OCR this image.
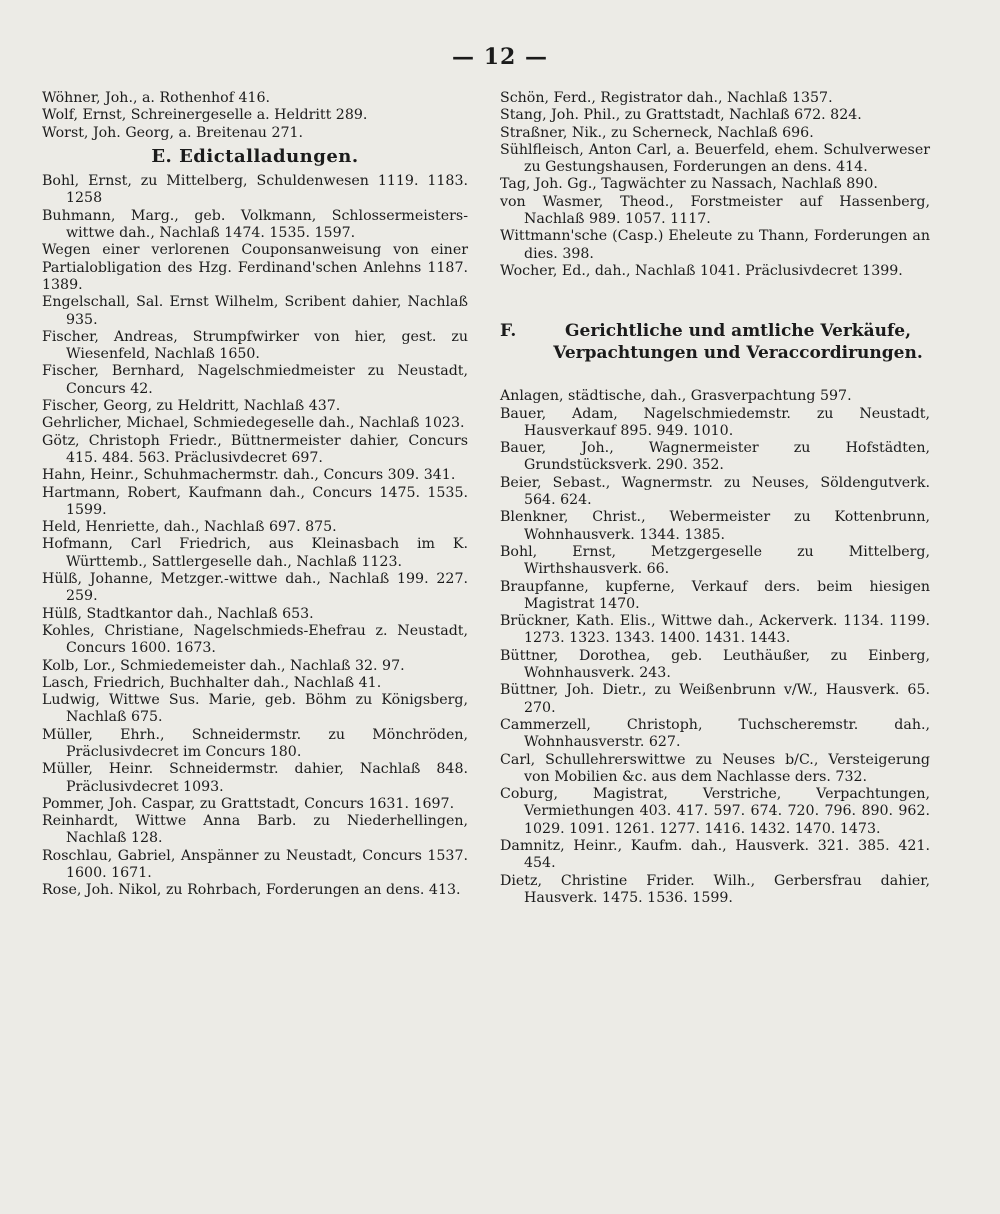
— 12 —

Wöhner, Joh., a. Rothenhof 416.

Wolf, Ernst, Schreinergeselle a. Heldritt 289.

Worst, Joh. Georg, a. Breitenau 271.

E. Edictalladungen.

Bohl, Ernst, zu Mittelberg, Schuldenwesen 1119. 1183. 1258

Buhmann, Marg., geb. Volkmann, Schlossermeisters-wittwe dah., Nachlaß 1474. 1535. 1597.

Wegen einer verlorenen Couponsanweisung von einer Partialobligation des Hzg. Ferdinand'schen Anlehns 1187. 1389.

Engelschall, Sal. Ernst Wilhelm, Scribent dahier, Nachlaß 935.

Fischer, Andreas, Strumpfwirker von hier, gest. zu Wiesenfeld, Nachlaß 1650.

Fischer, Bernhard, Nagelschmiedmeister zu Neustadt, Concurs 42.

Fischer, Georg, zu Heldritt, Nachlaß 437.

Gehrlicher, Michael, Schmiedegeselle dah., Nachlaß 1023.

Götz, Christoph Friedr., Büttnermeister dahier, Concurs 415. 484. 563. Präclusivdecret 697.

Hahn, Heinr., Schuhmachermstr. dah., Concurs 309. 341.

Hartmann, Robert, Kaufmann dah., Concurs 1475. 1535. 1599.

Held, Henriette, dah., Nachlaß 697. 875.

Hofmann, Carl Friedrich, aus Kleinasbach im K. Württemb., Sattlergeselle dah., Nachlaß 1123.

Hülß, Johanne, Metzger.-wittwe dah., Nachlaß 199. 227. 259.

Hülß, Stadtkantor dah., Nachlaß 653.

Kohles, Christiane, Nagelschmieds-Ehefrau z. Neustadt, Concurs 1600. 1673.

Kolb, Lor., Schmiedemeister dah., Nachlaß 32. 97.

Lasch, Friedrich, Buchhalter dah., Nachlaß 41.

Ludwig, Wittwe Sus. Marie, geb. Böhm zu Königsberg, Nachlaß 675.

Müller, Ehrh., Schneidermstr. zu Mönchröden, Präclusivdecret im Concurs 180.

Müller, Heinr. Schneidermstr. dahier, Nachlaß 848. Präclusivdecret 1093.

Pommer, Joh. Caspar, zu Grattstadt, Concurs 1631. 1697.

Reinhardt, Wittwe Anna Barb. zu Niederhellingen, Nachlaß 128.

Roschlau, Gabriel, Anspänner zu Neustadt, Concurs 1537. 1600. 1671.

Rose, Joh. Nikol, zu Rohrbach, Forderungen an dens. 413.

Schön, Ferd., Registrator dah., Nachlaß 1357.

Stang, Joh. Phil., zu Grattstadt, Nachlaß 672. 824.

Straßner, Nik., zu Scherneck, Nachlaß 696.

Sühlfleisch, Anton Carl, a. Beuerfeld, ehem. Schulverweser zu Gestungshausen, Forderungen an dens. 414.

Tag, Joh. Gg., Tagwächter zu Nassach, Nachlaß 890.

von Wasmer, Theod., Forstmeister auf Hassenberg, Nachlaß 989. 1057. 1117.

Wittmann'sche (Casp.) Eheleute zu Thann, Forderungen an dies. 398.

Wocher, Ed., dah., Nachlaß 1041. Präclusivdecret 1399.

F.	Gerichtliche und amtliche Verkäufe, Verpachtungen und Veraccordirungen.

Anlagen, städtische, dah., Grasverpachtung 597.

Bauer, Adam, Nagelschmiedemstr. zu Neustadt, Hausverkauf 895. 949. 1010.

Bauer, Joh., Wagnermeister zu Hofstädten, Grundstücksverk. 290. 352.

Beier, Sebast., Wagnermstr. zu Neuses, Söldengutverk. 564. 624.

Blenkner, Christ., Webermeister zu Kottenbrunn, Wohnhausverk. 1344. 1385.

Bohl, Ernst, Metzgergeselle zu Mittelberg, Wirthshausverk. 66.

Braupfanne, kupferne, Verkauf ders. beim hiesigen Magistrat 1470.

Brückner, Kath. Elis., Wittwe dah., Ackerverk. 1134. 1199. 1273. 1323. 1343. 1400. 1431. 1443.

Büttner, Dorothea, geb. Leuthäußer, zu Einberg, Wohnhausverk. 243.

Büttner, Joh. Dietr., zu Weißenbrunn v/W., Hausverk. 65. 270.

Cammerzell, Christoph, Tuchscheremstr. dah., Wohnhausverstr. 627.

Carl, Schullehrerswittwe zu Neuses b/C., Versteigerung von Mobilien &c. aus dem Nachlasse ders. 732.

Coburg, Magistrat, Verstriche, Verpachtungen, Vermiethungen 403. 417. 597. 674. 720. 796. 890. 962. 1029. 1091. 1261. 1277. 1416. 1432. 1470. 1473.

Damnitz, Heinr., Kaufm. dah., Hausverk. 321. 385. 421. 454.

Dietz, Christine Frider. Wilh., Gerbersfrau dahier, Hausverk. 1475. 1536. 1599.
